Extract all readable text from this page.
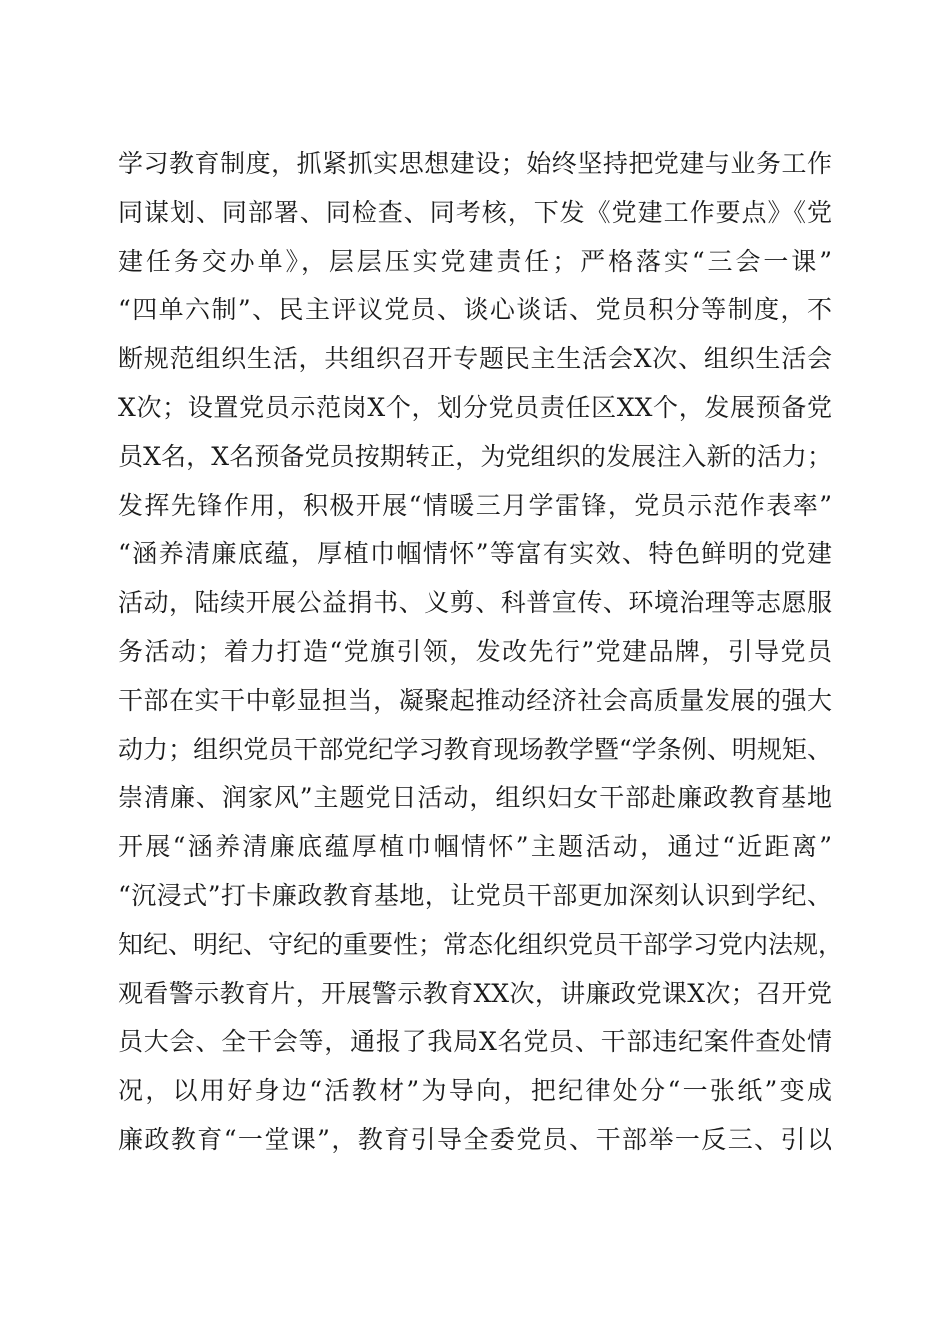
学习教育制度，抓紧抓实思想建设；始终坚持把党建与业务工作
同谋划、同部署、同检查、同考核，下发《党建工作要点》《党
建任务交办单》，层层压实党建责任；严格落实“三会一课”
“四单六制”、民主评议党员、谈心谈话、党员积分等制度，不
断规范组织生活，共组织召开专题民主生活会X次、组织生活会
X次；设置党员示范岗X个，划分党员责任区XX个，发展预备党
员X名，X名预备党员按期转正，为党组织的发展注入新的活力；
发挥先锋作用，积极开展“情暖三月学雷锋，党员示范作表率”
“涵养清廉底蕴，厚植巾帼情怀”等富有实效、特色鲜明的党建
活动，陆续开展公益捐书、义剪、科普宣传、环境治理等志愿服
务活动；着力打造“党旗引领，发改先行”党建品牌，引导党员
干部在实干中彰显担当，凝聚起推动经济社会高质量发展的强大
动力；组织党员干部党纪学习教育现场教学暨“学条例、明规矩、
崇清廉、润家风”主题党日活动，组织妇女干部赴廉政教育基地
开展“涵养清廉底蕴厚植巾帼情怀”主题活动，通过“近距离”
“沉浸式”打卡廉政教育基地，让党员干部更加深刻认识到学纪、
知纪、明纪、守纪的重要性；常态化组织党员干部学习党内法规，
观看警示教育片，开展警示教育XX次，讲廉政党课X次；召开党
员大会、全干会等，通报了我局X名党员、干部违纪案件查处情
况，以用好身边“活教材”为导向，把纪律处分“一张纸”变成
廉政教育“一堂课”，教育引导全委党员、干部举一反三、引以
